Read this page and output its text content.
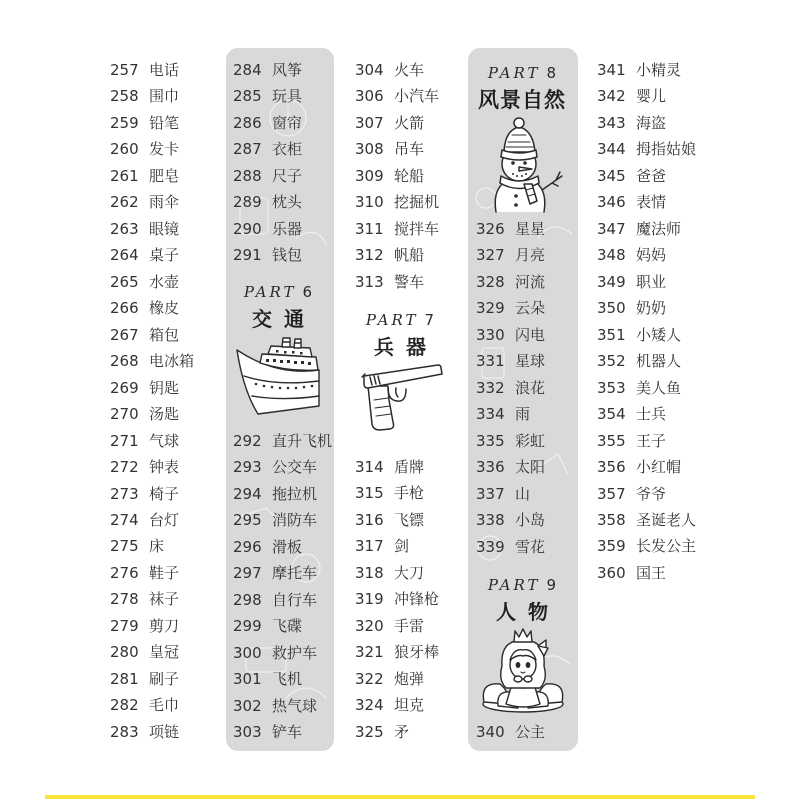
257 电话
258 围巾
259 铅笔
260 发卡
261 肥皂
262 雨伞
263 眼镜
264 桌子
265 水壶
266 橡皮
267 箱包
268 电冰箱
269 钥匙
270 汤匙
271 气球
272 钟表
273 椅子
274 台灯
275 床
276 鞋子
278 袜子
279 剪刀
280 皇冠
281 刷子
282 毛巾
283 项链
284 风筝
285 玩具
286 窗帘
287 衣柜
288 尺子
289 枕头
290 乐器
291 钱包
292 直升飞机
293 公交车
294 拖拉机
295 消防车
296 滑板
297 摩托车
298 自行车
299 飞碟
300 救护车
301 飞机
302 热气球
303 铲车
304 火车
306 小汽车
307 火箭
308 吊车
309 轮船
310 挖掘机
311 搅拌车
312 帆船
313 警车
314 盾牌
315 手枪
316 飞镖
317 剑
318 大刀
319 冲锋枪
320 手雷
321 狼牙棒
322 炮弹
324 坦克
325 矛
326 星星
327 月亮
328 河流
329 云朵
330 闪电
331 星球
332 浪花
334 雨
335 彩虹
336 太阳
337 山
338 小岛
339 雪花
340 公主
341 小精灵
342 婴儿
343 海盗
344 拇指姑娘
345 爸爸
346 表情
347 魔法师
348 妈妈
349 职业
350 奶奶
351 小矮人
352 机器人
353 美人鱼
354 士兵
355 王子
356 小红帽
357 爷爷
358 圣诞老人
359 长发公主
360 国王
PART 6
交通	PART 7
兵器
PART 8
风景自然
PART 9
人物
